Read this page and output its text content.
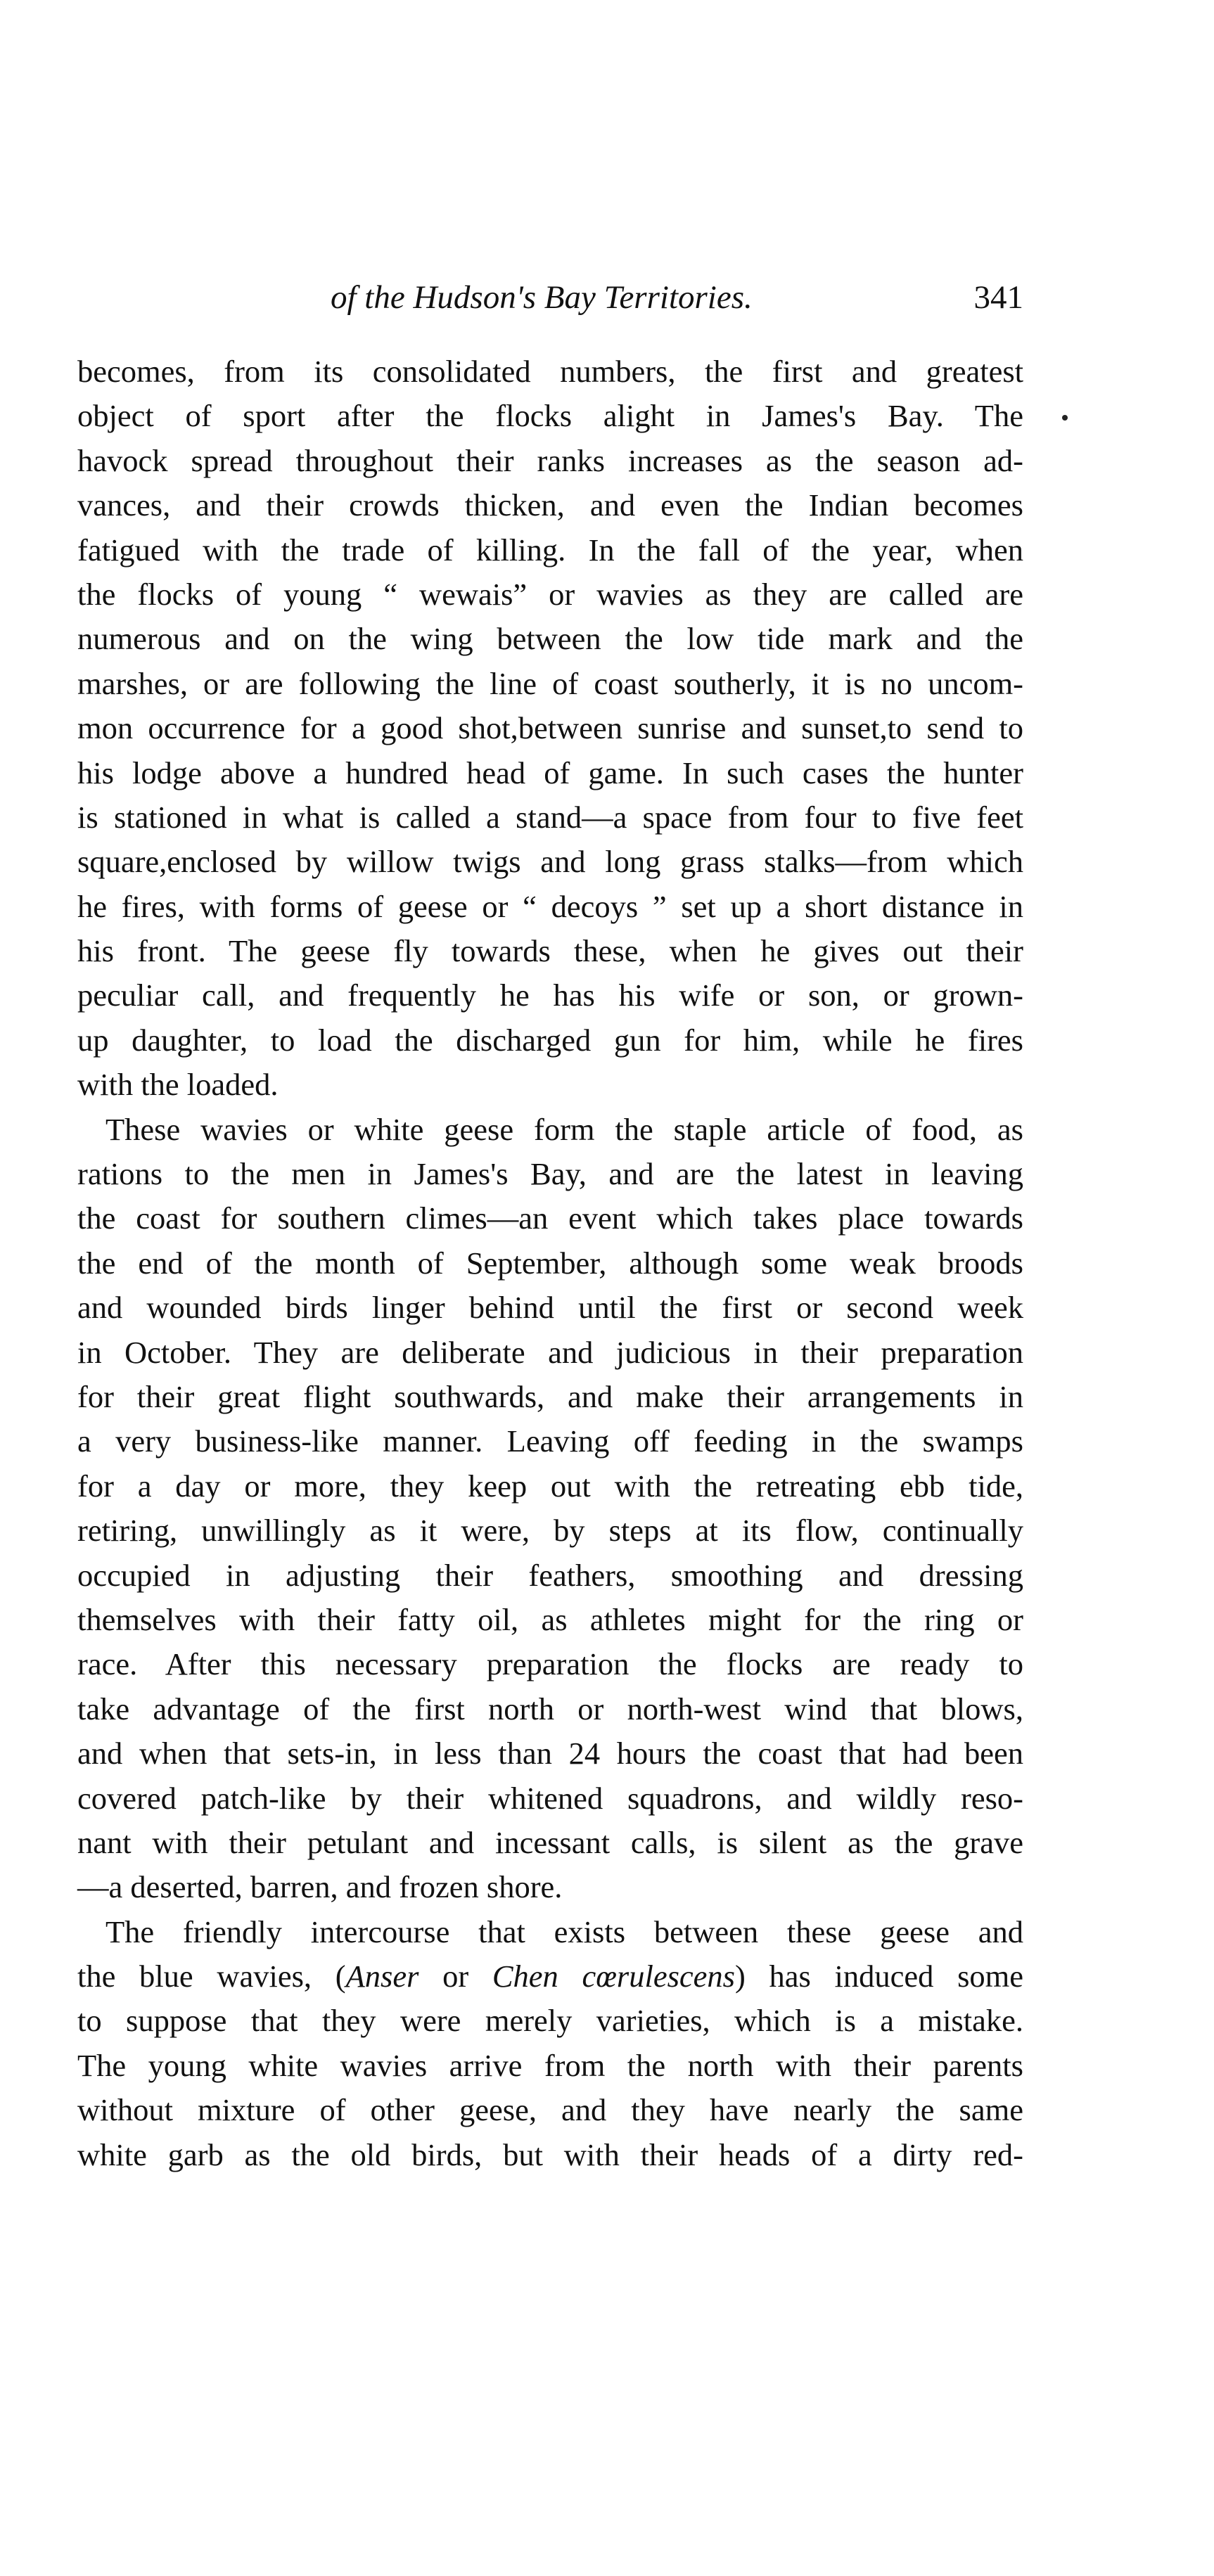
of the Hudson's Bay Territories.	341
becomes, from its consolidated numbers, the first and greatest
object of sport after the flocks alight in James's Bay. The
havock spread throughout their ranks increases as the season ad-
vances, and their crowds thicken, and even the Indian becomes
fatigued with the trade of killing. In the fall of the year, when
the flocks of young “ wewais” or wavies as they are called are
numerous and on the wing between the low tide mark and the
marshes, or are following the line of coast southerly, it is no uncom-
mon occurrence for a good shot,between sunrise and sunset,to send to
his lodge above a hundred head of game. In such cases the hunter
is stationed in what is called a stand—a space from four to five feet
square,enclosed by willow twigs and long grass stalks—from which
he fires, with forms of geese or “ decoys ” set up a short distance in
his front. The geese fly towards these, when he gives out their
peculiar call, and frequently he has his wife or son, or grown-
up daughter, to load the discharged gun for him, while he fires
with the loaded.
These wavies or white geese form the staple article of food, as
rations to the men in James's Bay, and are the latest in leaving
the coast for southern climes—an event which takes place towards
the end of the month of September, although some weak broods
and wounded birds linger behind until the first or second week
in October. They are deliberate and judicious in their preparation
for their great flight southwards, and make their arrangements in
a very business-like manner. Leaving off feeding in the swamps
for a day or more, they keep out with the retreating ebb tide,
retiring, unwillingly as it were, by steps at its flow, continually
occupied in adjusting their feathers, smoothing and dressing
themselves with their fatty oil, as athletes might for the ring or
race. After this necessary preparation the flocks are ready to
take advantage of the first north or north-west wind that blows,
and when that sets-in, in less than 24 hours the coast that had been
covered patch-like by their whitened squadrons, and wildly reso-
nant with their petulant and incessant calls, is silent as the grave
—a deserted, barren, and frozen shore.
The friendly intercourse that exists between these geese and
the blue wavies, (Anser or Chen cœrulescens) has induced some
to suppose that they were merely varieties, which is a mistake.
The young white wavies arrive from the north with their parents
without mixture of other geese, and they have nearly the same
white garb as the old birds, but with their heads of a dirty red-
